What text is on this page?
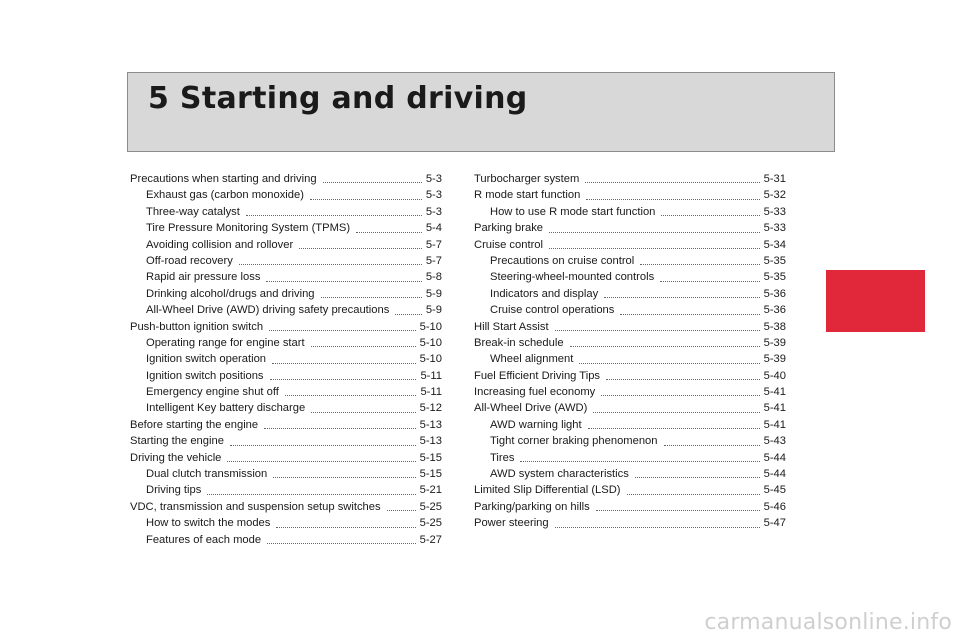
5 Starting and driving
Precautions when starting and driving	5-3
Exhaust gas (carbon monoxide)	5-3
Three-way catalyst	5-3
Tire Pressure Monitoring System (TPMS)	5-4
Avoiding collision and rollover	5-7
Off-road recovery	5-7
Rapid air pressure loss	5-8
Drinking alcohol/drugs and driving	5-9
All-Wheel Drive (AWD) driving safety precautions	5-9
Push-button ignition switch	5-10
Operating range for engine start	5-10
Ignition switch operation	5-10
Ignition switch positions	5-11
Emergency engine shut off	5-11
Intelligent Key battery discharge	5-12
Before starting the engine	5-13
Starting the engine	5-13
Driving the vehicle	5-15
Dual clutch transmission	5-15
Driving tips	5-21
VDC, transmission and suspension setup switches	5-25
How to switch the modes	5-25
Features of each mode	5-27
Turbocharger system	5-31
R mode start function	5-32
How to use R mode start function	5-33
Parking brake	5-33
Cruise control	5-34
Precautions on cruise control	5-35
Steering-wheel-mounted controls	5-35
Indicators and display	5-36
Cruise control operations	5-36
Hill Start Assist	5-38
Break-in schedule	5-39
Wheel alignment	5-39
Fuel Efficient Driving Tips	5-40
Increasing fuel economy	5-41
All-Wheel Drive (AWD)	5-41
AWD warning light	5-41
Tight corner braking phenomenon	5-43
Tires	5-44
AWD system characteristics	5-44
Limited Slip Differential (LSD)	5-45
Parking/parking on hills	5-46
Power steering	5-47
carmanualsonline.info
